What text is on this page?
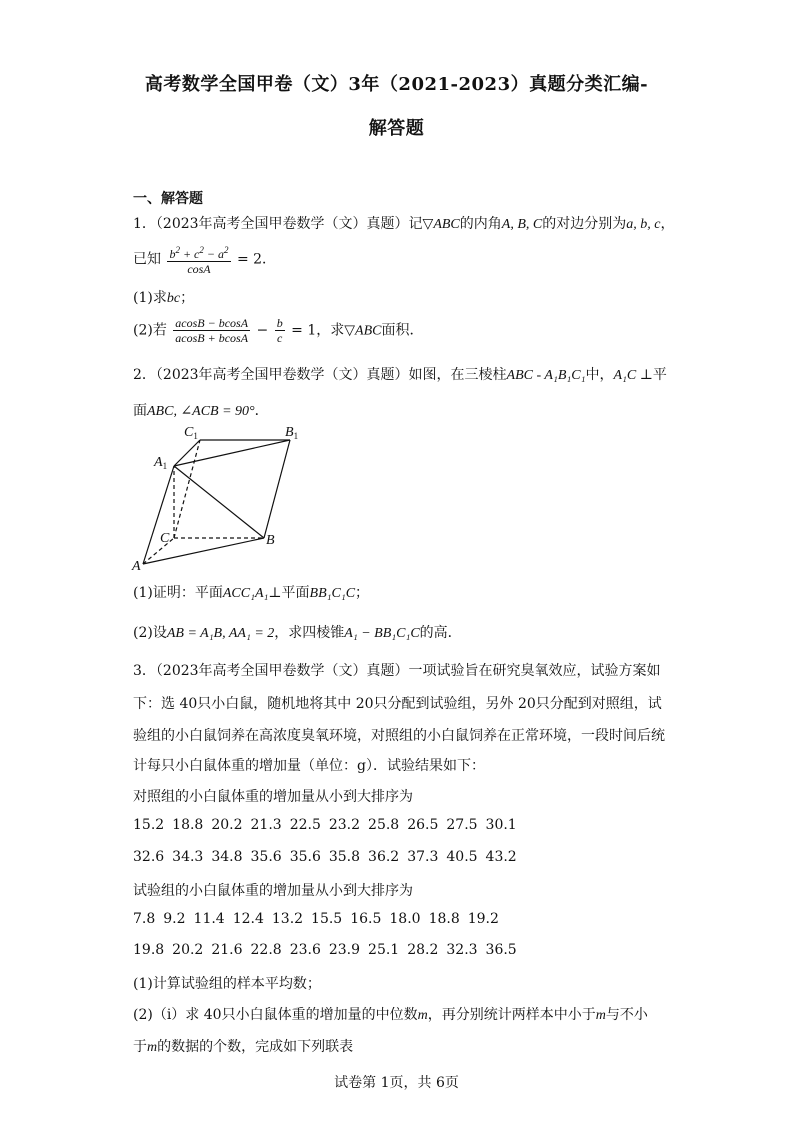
高考数学全国甲卷（文）3年（2021-2023）真题分类汇编-
解答题
一、解答题
1．（2023年高考全国甲卷数学（文）真题）记▽ABC的内角A, B, C的对边分别为a, b, c，
已知 $\frac{b^2 + c^2 - a^2}{\cos A} = 2$．
(1)求bc；
(2)若 $\frac{acosB - bcosA}{acosB + bcosA} - \frac{b}{c} = 1$，求▽ABC面积．
2．（2023年高考全国甲卷数学（文）真题）如图，在三棱柱ABC - A₁B₁C₁中，A₁C ⊥平
面ABC, ∠ACB = 90°．
A
B
C
$A_1$
$B_1$
$C_1$
(1)证明：平面ACC₁A₁⊥平面BB₁C₁C；
(2)设AB = A₁B, AA₁ = 2，求四棱锥A₁ − BB₁C₁C的高．
3．（2023年高考全国甲卷数学（文）真题）一项试验旨在研究臭氧效应，试验方案如
下：选 40只小白鼠，随机地将其中 20只分配到试验组，另外 20只分配到对照组，试
验组的小白鼠饲养在高浓度臭氧环境，对照组的小白鼠饲养在正常环境，一段时间后统
计每只小白鼠体重的增加量（单位：g）．试验结果如下：
对照组的小白鼠体重的增加量从小到大排序为
15.2 18.8 20.2 21.3 22.5 23.2 25.8 26.5 27.5 30.1
32.6 34.3 34.8 35.6 35.6 35.8 36.2 37.3 40.5 43.2
试验组的小白鼠体重的增加量从小到大排序为
7.8 9.2 11.4 12.4 13.2 15.5 16.5 18.0 18.8 19.2
19.8 20.2 21.6 22.8 23.6 23.9 25.1 28.2 32.3 36.5
(1)计算试验组的样本平均数；
(2)（ⅰ）求 40只小白鼠体重的增加量的中位数m，再分别统计两样本中小于m与不小
于m的数据的个数，完成如下列联表
试卷第 1页，共 6页
